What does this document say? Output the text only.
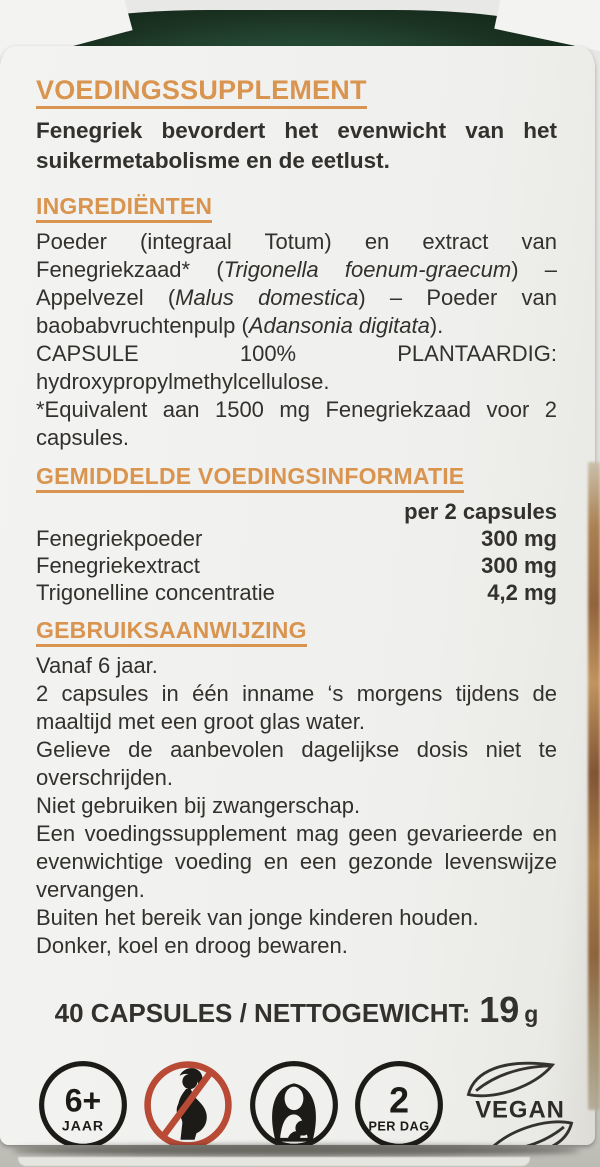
VOEDINGSSUPPLEMENT

Fenegriek bevordert het evenwicht van het suikermetabolisme en de eetlust.

INGREDIËNTEN

Poeder (integraal Totum) en extract van Fenegriekzaad* (Trigonella foenum-graecum) – Appelvezel (Malus domestica) – Poeder van baobabvruchtenpulp (Adansonia digitata).

CAPSULE 100% PLANTAARDIG:
hydroxypropylmethylcellulose.

*Equivalent aan 1500 mg Fenegriekzaad voor 2 capsules.

GEMIDDELDE VOEDINGSINFORMATIE
per 2 capsules
Fenegriekpoeder	300 mg
Fenegriekextract	300 mg
Trigonelline concentratie	4,2 mg
GEBRUIKSAANWIJZING

Vanaf 6 jaar.

2 capsules in één inname ‘s morgens tijdens de maaltijd met een groot glas water.

Gelieve de aanbevolen dagelijkse dosis niet te overschrijden.

Niet gebruiken bij zwangerschap.

Een voedingssupplement mag geen gevarieerde en evenwichtige voeding en een gezonde levenswijze vervangen.

Buiten het bereik van jonge kinderen houden.

Donker, koel en droog bewaren.

40 CAPSULES / NETTOGEWICHT: 19 g
6+
JAAR
2
PER DAG
VEGAN
